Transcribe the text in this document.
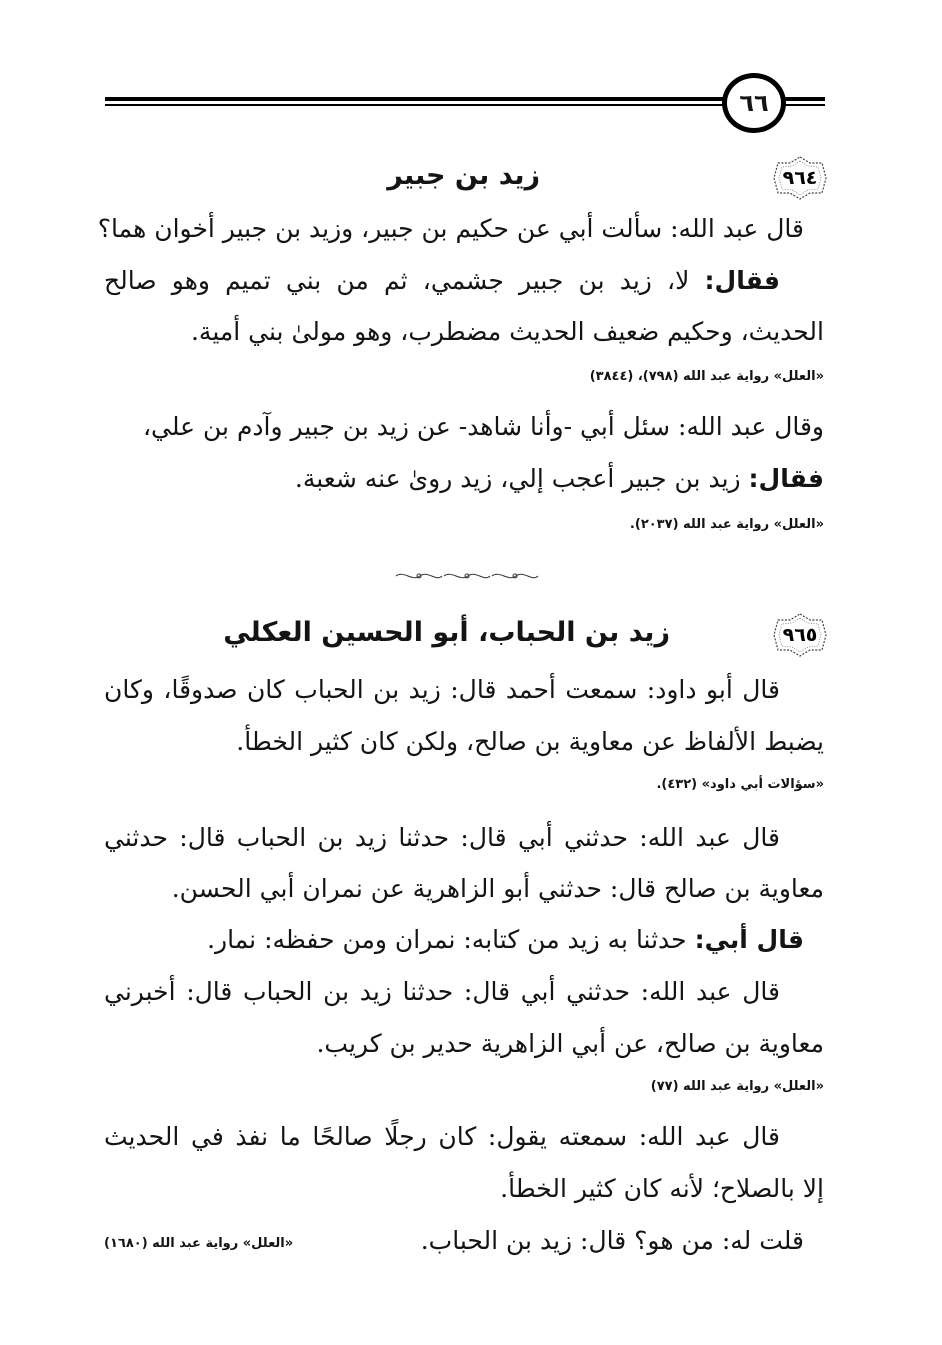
٦٦
٩٦٤
زيد بن جبير
قال عبد الله: سألت أبي عن حكيم بن جبير، وزيد بن جبير أخوان هما؟
فقال: لا، زيد بن جبير جشمي، ثم من بني تميم وهو صالح
الحديث، وحكيم ضعيف الحديث مضطرب، وهو مولىٰ بني أمية.
«العلل» رواية عبد الله (٧٩٨)، (٣٨٤٤)
وقال عبد الله: سئل أبي -وأنا شاهد- عن زيد بن جبير وآدم بن علي،
فقال: زيد بن جبير أعجب إلي، زيد روىٰ عنه شعبة.
«العلل» رواية عبد الله (٢٠٣٧).
٩٦٥
زيد بن الحباب، أبو الحسين العكلي
قال أبو داود: سمعت أحمد قال: زيد بن الحباب كان صدوقًا، وكان
يضبط الألفاظ عن معاوية بن صالح، ولكن كان كثير الخطأ.
«سؤالات أبي داود» (٤٣٢).
قال عبد الله: حدثني أبي قال: حدثنا زيد بن الحباب قال: حدثني
معاوية بن صالح قال: حدثني أبو الزاهرية عن نمران أبي الحسن.
قال أبي: حدثنا به زيد من كتابه: نمران ومن حفظه: نمار.
قال عبد الله: حدثني أبي قال: حدثنا زيد بن الحباب قال: أخبرني
معاوية بن صالح، عن أبي الزاهرية حدير بن كريب.
«العلل» رواية عبد الله (٧٧)
قال عبد الله: سمعته يقول: كان رجلًا صالحًا ما نفذ في الحديث
إلا بالصلاح؛ لأنه كان كثير الخطأ.
قلت له: من هو؟ قال: زيد بن الحباب.
«العلل» رواية عبد الله (١٦٨٠)
